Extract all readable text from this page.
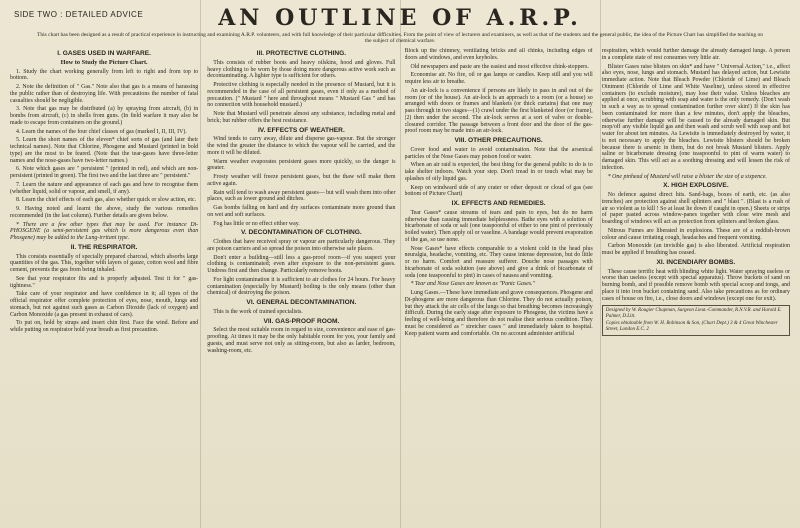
SIDE TWO : DETAILED ADVICE	AN OUTLINE OF A.R.P.
This chart has been designed as a result of practical experience in instructing and examining A.R.P. volunteers, and with full knowledge of their particular difficulties. From the point of view of lecturers and examiners, as well as that of the students and the general public, the idea of the Picture Chart has simplified the teaching on the subject of chemical warfare.
I. GASES USED IN WARFARE.
How to Study the Picture Chart.

1. Study the chart working generally from left to right and from top to bottom.

2. Note the definition of " Gas." Note also that gas is a means of harassing the public rather than of destroying life. With precautions the number of fatal casualties should be negligible.

3. Note that gas may be distributed (a) by spraying from aircraft, (b) in bombs from aircraft, (c) in shells from guns. (In field warfare it may also be made to escape from containers on the ground.)

4. Learn the names of the four chief classes of gas (marked I, II, III, IV).

5. Learn the short names of the eleven* chief sorts of gas (and later their technical names). Note that Chlorine, Phosgene and Mustard (printed in bold type) are the most to be feared. (Note that the tear-gases have three-letter names and the nose-gases have two-letter names.)

6. Note which gases are " persistent " (printed in red), and which are non-persistent (printed in green). The first two and the last three are " persistent."

7. Learn the nature and appearance of each gas and how to recognise them (whether liquid, solid or vapour, and smell, if any).

8. Learn the chief effects of each gas, also whether quick or slow action, etc.

9. Having noted and learnt the above, study the various remedies recommended (in the last column). Further details are given below.

* There are a few other types that may be used. For instance Di-PHOSGENE (a semi-persistent gas which is more dangerous even than Phosgene) may be added to the Lung-irritant type.

II. THE RESPIRATOR.

This consists essentially of specially prepared charcoal, which absorbs large quantities of the gas. This, together with layers of gauze, cotton wool and fibre cement, prevents the gas from being inhaled.

See that your respirator fits and is properly adjusted. Test it for " gas-tightness."

Take care of your respirator and have confidence in it; all types of the official respirator offer complete protection of eyes, nose, mouth, lungs and stomach, but not against such gases as Carbon Dioxide (lack of oxygen) and Carbon Monoxide (a gas present in exhaust of cars).

To put on, hold by straps and insert chin first. Face the wind. Before and while putting on respirator hold your breath as first precaution.

III. PROTECTIVE CLOTHING.

This consists of rubber boots and heavy oilskins, hood and gloves. Full heavy clothing to be worn by those doing more dangerous active work such as decontaminating. A lighter type is sufficient for others.

Protective clothing is especially needed in the presence of Mustard, but it is recommended in the case of all persistent gases, even if only as a method of precaution. (" Mustard " here and throughout means " Mustard Gas " and has no connection with household mustard.)

Note that Mustard will penetrate almost any substance, including metal and brick; but rubber offers the best resistance.

IV. EFFECTS OF WEATHER.

Wind tends to carry away, dilute and disperse gas-vapour. But the stronger the wind the greater the distance to which the vapour will be carried, and the more it will be diluted.

Warm weather evaporates persistent gases more quickly, so the danger is greater.

Frosty weather will freeze persistent gases, but the thaw will make them active again.

Rain will tend to wash away persistent gases— but will wash them into other places, such as lower ground and ditches.

Gas bombs falling on hard and dry surfaces contaminate more ground than on wet and soft surfaces.

Fog has little or no effect either way.

V. DECONTAMINATION OF CLOTHING.

Clothes that have received spray or vapour are particularly dangerous. They are poison carriers and so spread the poison into otherwise safe places.

Don't enter a building—still less a gas-proof room—if you suspect your clothing is contaminated; even after exposure to the non-persistent gases. Undress first and then change. Particularly remove boots.

For light contamination it is sufficient to air clothes for 24 hours. For heavy contamination (especially by Mustard) boiling is the only means (other than chemical) of destroying the poison.

VI. GENERAL DECONTAMINATION.

This is the work of trained specialists.

VII. GAS-PROOF ROOM.

Select the most suitable room in regard to size, convenience and ease of gas-proofing. At times it may be the only habitable room for you, your family and guests, and must serve not only as sitting-room, but also as larder, bedroom, washing-room, etc.

Block up the chimney, ventilating bricks and all chinks, including edges of doors and windows, and even keyholes.

Old newspapers and paste are the easiest and most effective chink-stoppers.

Economise air. No fire, oil or gas lamps or candles. Keep still and you will require less air to breathe.

An air-lock is a convenience if persons are likely to pass in and out of the room (or of the house). An air-lock is an approach to a room (or a house) so arranged with doors or frames and blankets (or thick curtains) that one may pass through in two stages—(1) crawl under the first blanketed door (or frame), (2) then under the second. The air-lock serves at a sort of valve or double-closured corridor. The passage between a front door and the door of the gas-proof room may be made into an air-lock.

VIII. OTHER PRECAUTIONS.

Cover food and water to avoid contamination. Note that the arsenical particles of the Nose Gases may poison food or water.

When an air raid is expected, the best thing for the general public to do is to take shelter indoors. Watch your step. Don't tread in or touch what may be splashes of oily liquid gas.

Keep on windward side of any crater or other deposit or cloud of gas (see bottom of Picture Chart)

IX. EFFECTS AND REMEDIES.

Tear Gases* cause streams of tears and pain to eyes, but do no harm otherwise than causing immediate helplessness. Bathe eyes with a solution of bicarbonate of soda or salt (one teaspoonful of either to one pint of previously boiled water). Then apply oil or vaseline. A bandage would prevent evaporation of the gas, so use none.

Nose Gases* have effects comparable to a violent cold in the head plus neuralgia, headache, vomiting, etc. They cause intense depression, but do little or no harm. Comfort and reassure sufferer. Douche nose passages with bicarbonate of soda solution (see above) and give a drink of bicarbonate of soda (one teaspoonful to pint) in cases of nausea and vomiting.

* Tear and Nose Gases are known as "Panic Gases."

Lung Gases.—These have immediate and grave consequences. Phosgene and Di-phosgene are more dangerous than Chlorine. They do not actually poison, but they attack the air cells of the lungs so that breathing becomes increasingly difficult. During the early stage after exposure to Phosgene, the victims have a feeling of well-being and therefore do not realise their serious condition. They must be considered as " stretcher cases " and immediately taken to hospital. Keep patient warm and comfortable. On no account administer artificial

respiration, which would further damage the already damaged lungs. A person in a complete state of rest consumes very little air.

Blister Gases raise blisters on skin* and have " Universal Action," i.e., affect also eyes, nose, lungs and stomach. Mustard has delayed action, but Lewisite immediate action. Note that Bleach Powder (Chloride of Lime) and Bleach Ointment (Chloride of Lime and White Vaseline), unless stored in effective containers (to exclude moisture), may lose their value. Unless bleaches are applied at once, scrubbing with soap and water is the only remedy. (Don't wash in such a way as to spread contamination further over skin!) If the skin has been contaminated for more than a few minutes, don't apply the bleaches, otherwise further damage will be caused to the already damaged skin. But mop/off any visible liquid gas and then wash and scrub well with soap and hot water for about ten minutes. As Lewisite is immediately destroyed by water, it is not necessary to apply the bleaches. Lewisite blisters should be broken because there is arsenic in them, but do not break Mustard blisters. Apply saline or bicarbonate dressing (one teaspoonful to pint of warm water) to damaged skin. This will act as a soothing dressing and will lessen the risk of infection.

* One pinhead of Mustard will raise a blister the size of a sixpence.

X. HIGH EXPLOSIVE.

No defence against direct hits. Sand-bags, boxes of earth, etc. (as also trenches) are protection against shell splinters and " blast ". (Blast is a rush of air so violent as to kill ! So at least lie down if caught in open.) Sheets or strips of paper pasted across window-panes together with close wire mesh and boarding of windows will act as protection from splinters and broken glass.

Nitrous Fumes are liberated in explosions. These are of a reddish-brown colour and cause irritating cough, headaches and frequent vomiting.

Carbon Monoxide (an invisible gas) is also liberated. Artificial respiration must be applied if breathing has ceased.

XI. INCENDIARY BOMBS.

These cause terrific heat with blinding white light. Water spraying useless or worse than useless (except with special apparatus). Throw buckets of sand on burning bomb, and if possible remove bomb with special scoop and tongs, and place it into iron bucket containing sand. Also take precautions as for ordinary cases of house on fire, i.e., close doors and windows (except one for exit).

Designed by W. Rougier Chapman, Surgeon Lieut.-Commander, R.N.V.R. and Harold E. Palmer, D.Litt.
Copies obtainable from W. H. Robinson & Son, (Chart Dept.) 3 & 4 Great Winchester Street, London E.C. 2
